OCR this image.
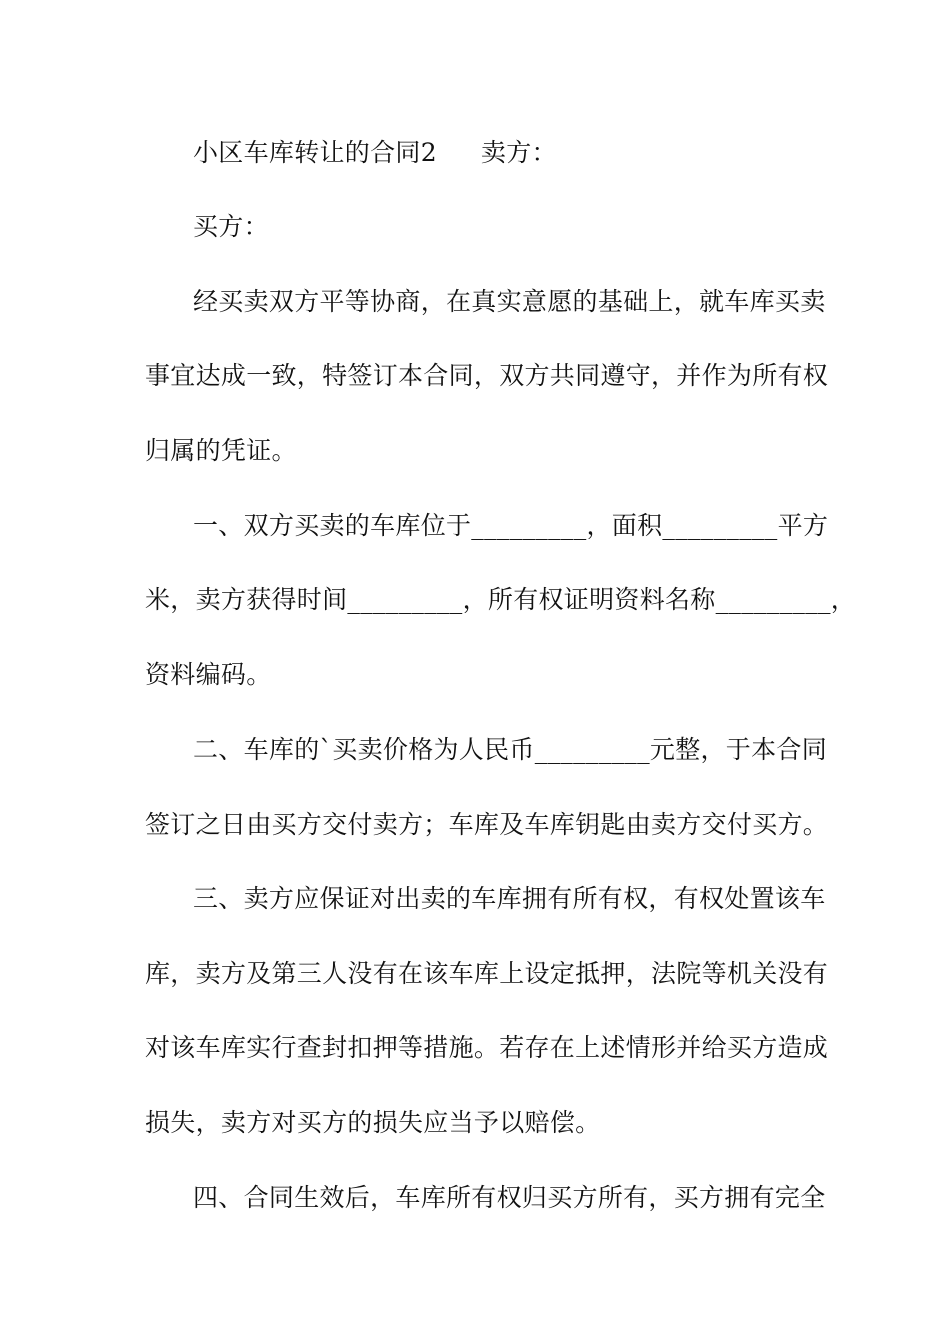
小区车库转让的合同2 卖方：
买方：
经买卖双方平等协商，在真实意愿的基础上，就车库买卖
事宜达成一致，特签订本合同，双方共同遵守，并作为所有权
归属的凭证。
一、双方买卖的车库位于_________，面积_________平方
米，卖方获得时间_________，所有权证明资料名称_________，
资料编码。
二、车库的`买卖价格为人民币_________元整，于本合同
签订之日由买方交付卖方；车库及车库钥匙由卖方交付买方。
三、卖方应保证对出卖的车库拥有所有权，有权处置该车
库，卖方及第三人没有在该车库上设定抵押，法院等机关没有
对该车库实行查封扣押等措施。若存在上述情形并给买方造成
损失，卖方对买方的损失应当予以赔偿。
四、合同生效后，车库所有权归买方所有，买方拥有完全
